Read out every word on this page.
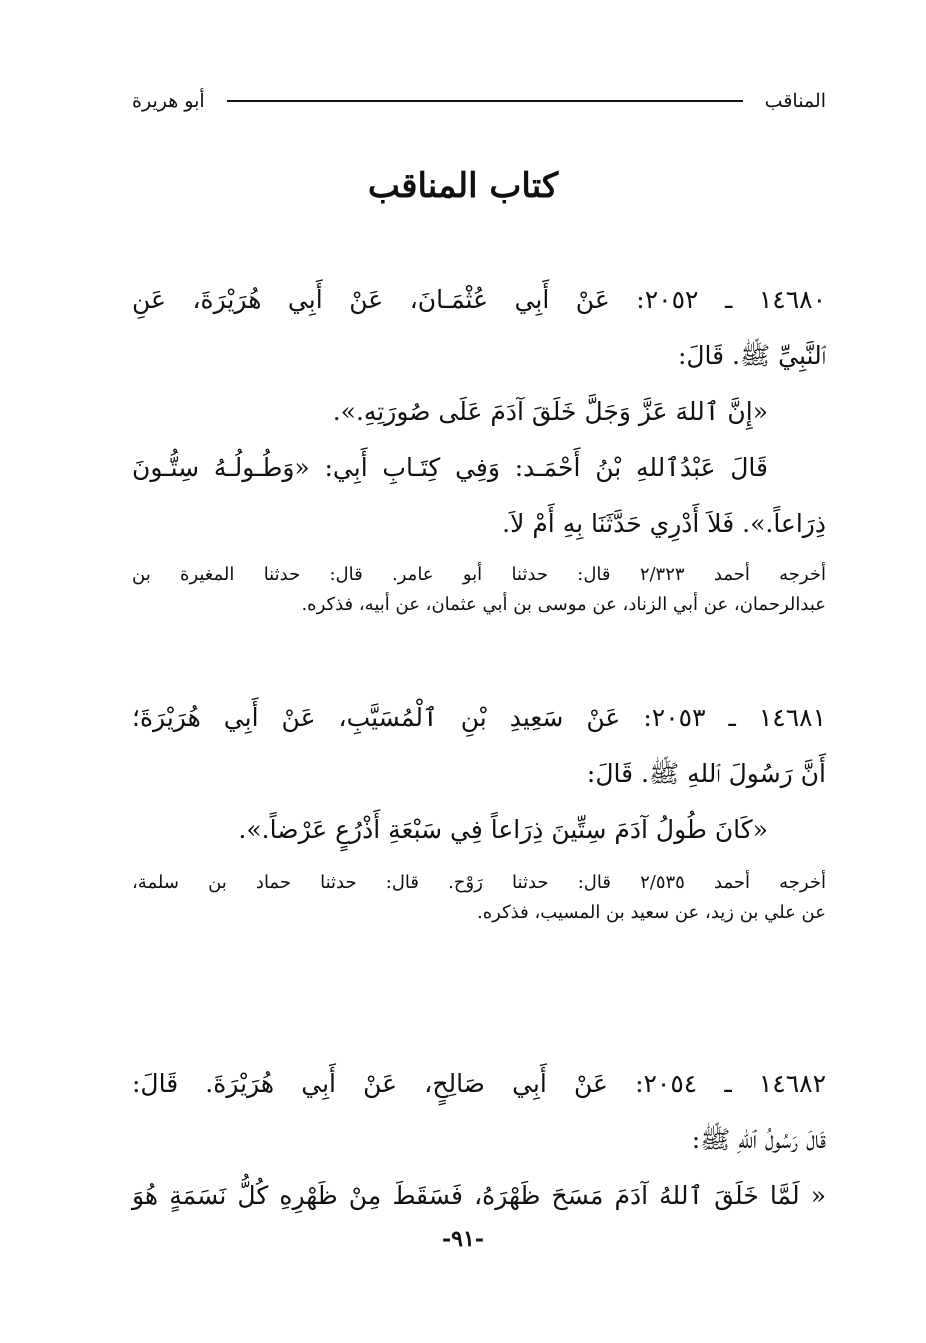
المناقب
أبو هريرة
كتاب المناقب
١٤٦٨٠ ـ ٢٠٥٢: عَنْ أَبِي عُثْمَـانَ، عَنْ أَبِي هُرَيْرَةَ، عَنِ
ٱلنَّبِيِّ ﷺ. قَالَ:
«إِنَّ ٱللهَ عَزَّ وَجَلَّ خَلَقَ آدَمَ عَلَى صُورَتِهِ.».
قَالَ عَبْدُٱللهِ بْنُ أَحْمَـد: وَفِي كِتَـابِ أَبِي: «وَطُـولُـهُ سِتُّـونَ
ذِرَاعاً.». فَلاَ أَدْرِي حَدَّثَنَا بِهِ أَمْ لاَ.
أخرجه أحمد ٢/٣٢٣ قال: حدثنا أبو عامر. قال: حدثنا المغيرة بن
عبدالرحمان، عن أبي الزناد، عن موسى بن أبي عثمان، عن أبيه، فذكره.
١٤٦٨١ ـ ٢٠٥٣: عَنْ سَعِيدِ بْنِ ٱلْمُسَيَّبِ، عَنْ أَبِي هُرَيْرَةَ؛
أَنَّ رَسُولَ ٱللهِ ﷺ. قَالَ:
«كَانَ طُولُ آدَمَ سِتِّينَ ذِرَاعاً فِي سَبْعَةِ أَذْرُعٍ عَرْضاً.».
أخرجه أحمد ٢/٥٣٥ قال: حدثنا رَوْح. قال: حدثنا حماد بن سلمة،
عن علي بن زيد، عن سعيد بن المسيب، فذكره.
١٤٦٨٢ ـ ٢٠٥٤: عَنْ أَبِي صَالِحٍ، عَنْ أَبِي هُرَيْرَةَ. قَالَ:
قَالَ رَسُولُ ٱللهِ ﷺ:
« لَمَّا خَلَقَ ٱللهُ آدَمَ مَسَحَ ظَهْرَهُ، فَسَقَطَ مِنْ ظَهْرِهِ كُلُّ نَسَمَةٍ هُوَ
-٩١-
